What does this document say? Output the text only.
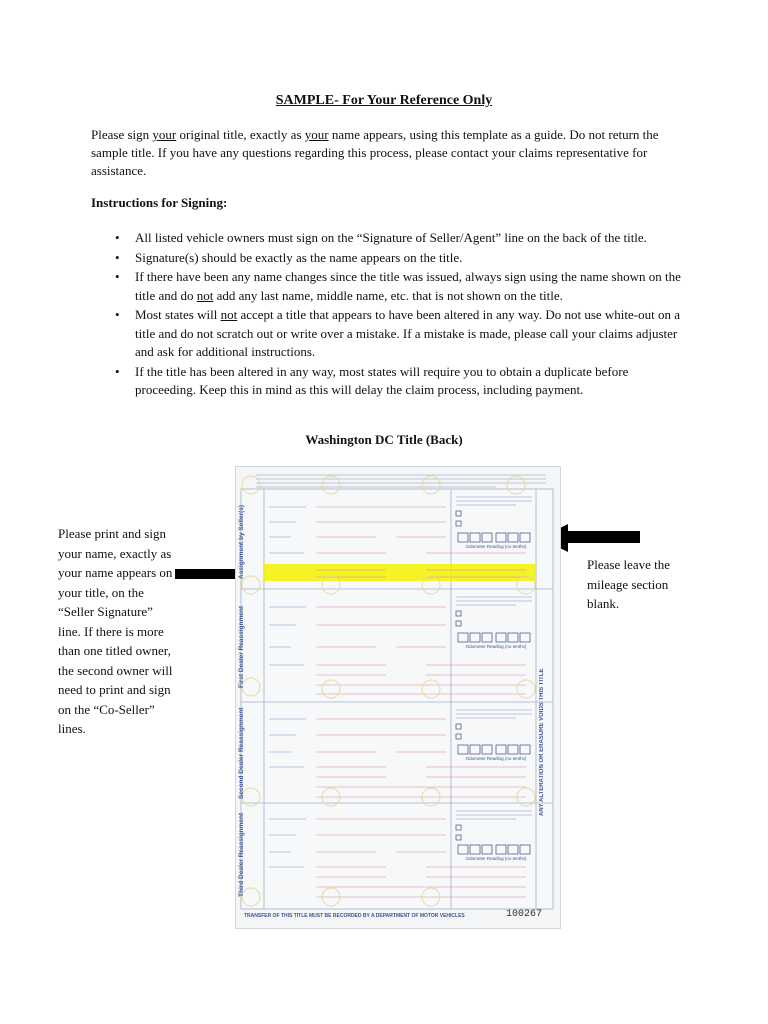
SAMPLE- For Your Reference Only
Please sign your original title, exactly as your name appears, using this template as a guide. Do not return the sample title. If you have any questions regarding this process, please contact your claims representative for assistance.
Instructions for Signing:
• All listed vehicle owners must sign on the “Signature of Seller/Agent” line on the back of the title.
• Signature(s) should be exactly as the name appears on the title.
• If there have been any name changes since the title was issued, always sign using the name shown on the title and do not add any last name, middle name, etc. that is not shown on the title.
• Most states will not accept a title that appears to have been altered in any way. Do not use white-out on a title and do not scratch out or write over a mistake. If a mistake is made, please call your claims adjuster and ask for additional instructions.
• If the title has been altered in any way, most states will require you to obtain a duplicate before proceeding. Keep this in mind as this will delay the claim process, including payment.
Washington DC Title (Back)
Please print and sign your name, exactly as your name appears on your title, on the “Seller Signature” line. If there is more than one titled owner, the second owner will need to print and sign on the “Co-Seller” lines.
Please leave the mileage section blank.
Assignment by Seller(s)
First Dealer Reassignment
Second Dealer Reassignment
Third Dealer Reassignment
Odometer Reading (no tenths)
Odometer Reading (no tenths)
Odometer Reading (no tenths)
Odometer Reading (no tenths)
ANY ALTERATION OR ERASURE VOIDS THIS TITLE
TRANSFER OF THIS TITLE MUST BE RECORDED BY A DEPARTMENT OF MOTOR VEHICLES	100267
